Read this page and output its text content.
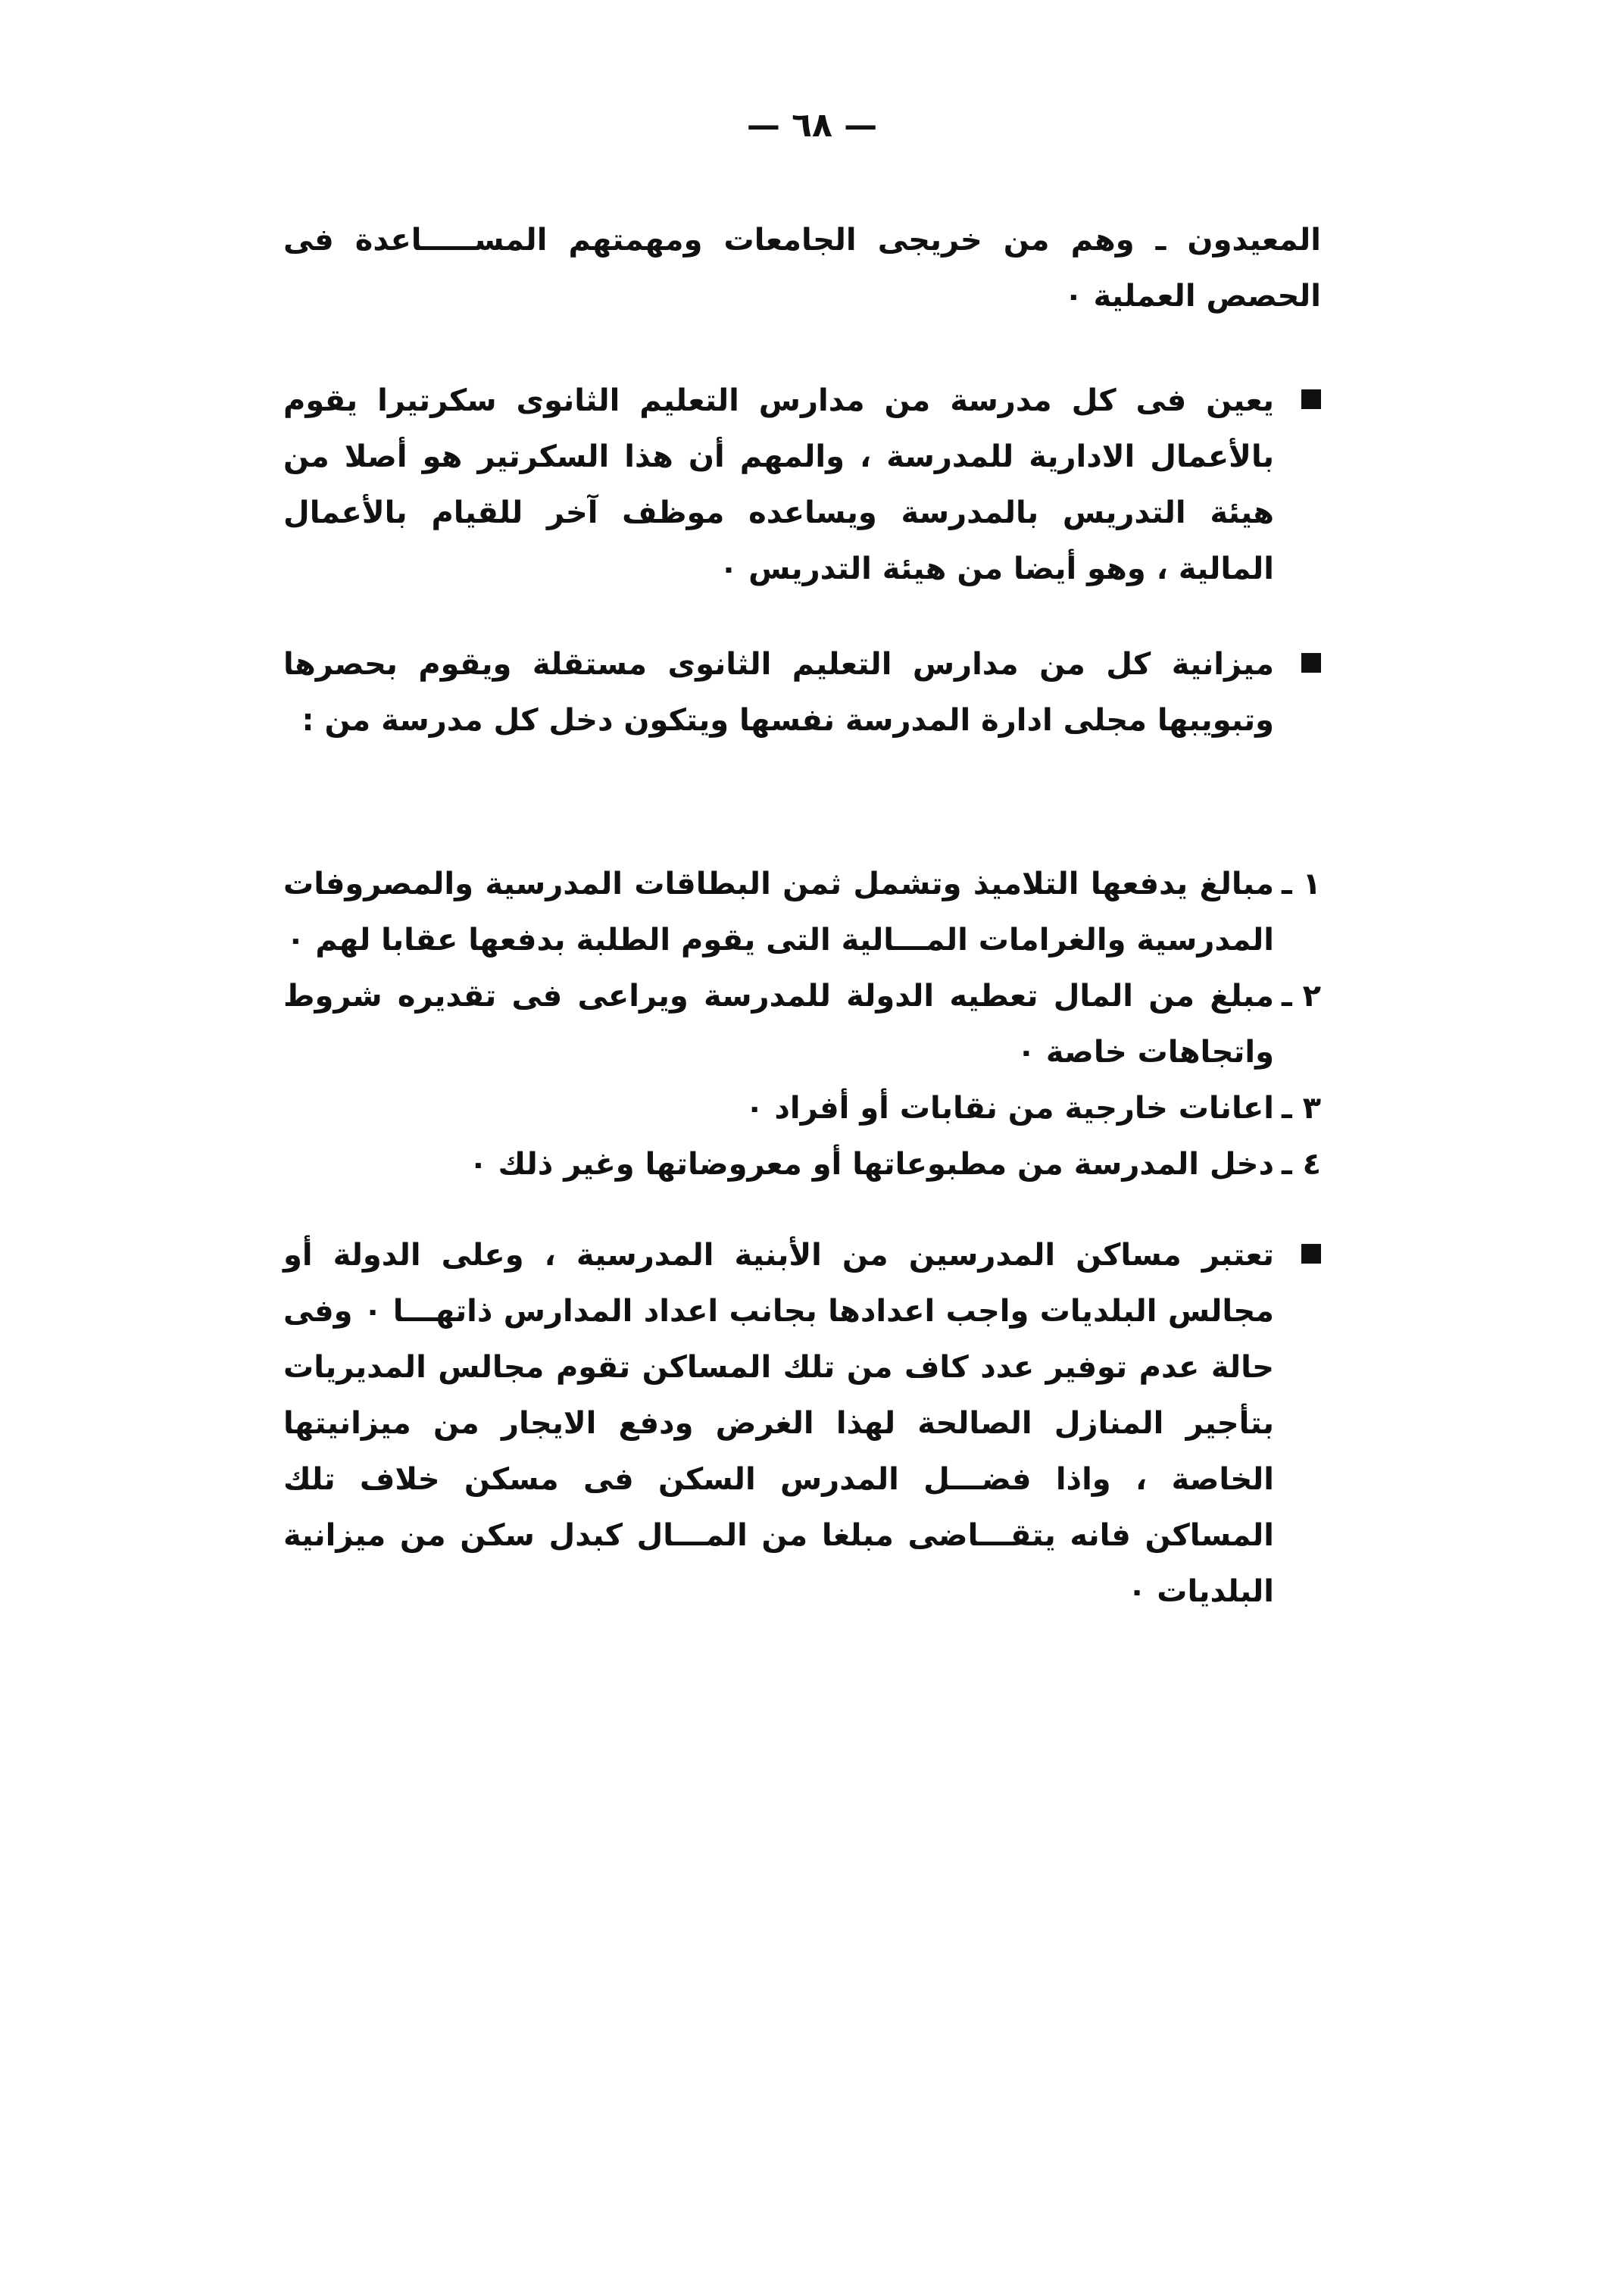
— ٦٨ —
المعيدون ـ وهم من خريجى الجامعات ومهمتهم المســـــاعدة فى الحصص العملية ٠
يعين فى كل مدرسة من مدارس التعليم الثانوى سكرتيرا يقوم بالأعمال الادارية للمدرسة ، والمهم أن هذا السكرتير هو أصلا من هيئة التدريس بالمدرسة ويساعده موظف آخر للقيام بالأعمال المالية ، وهو أيضا من هيئة التدريس ٠
ميزانية كل من مدارس التعليم الثانوى مستقلة ويقوم بحصرها وتبويبها مجلى ادارة المدرسة نفسها ويتكون دخل كل مدرسة من :
١ ـ
مبالغ يدفعها التلاميذ وتشمل ثمن البطاقات المدرسية والمصروفات المدرسية والغرامات المـــالية التى يقوم الطلبة بدفعها عقابا لهم ٠
٢ ـ
مبلغ من المال تعطيه الدولة للمدرسة ويراعى فى تقديره شروط واتجاهات خاصة ٠
٣ ـ
اعانات خارجية من نقابات أو أفراد ٠
٤ ـ
دخل المدرسة من مطبوعاتها أو معروضاتها وغير ذلك ٠
تعتبر مساكن المدرسين من الأبنية المدرسية ، وعلى الدولة أو مجالس البلديات واجب اعدادها بجانب اعداد المدارس ذاتهـــا ٠ وفى حالة عدم توفير عدد كاف من تلك المساكن تقوم مجالس المديريات بتأجير المنازل الصالحة لهذا الغرض ودفع الايجار من ميزانيتها الخاصة ، واذا فضـــل المدرس السكن فى مسكن خلاف تلك المساكن فانه يتقـــاضى مبلغا من المـــال كبدل سكن من ميزانية البلديات ٠
